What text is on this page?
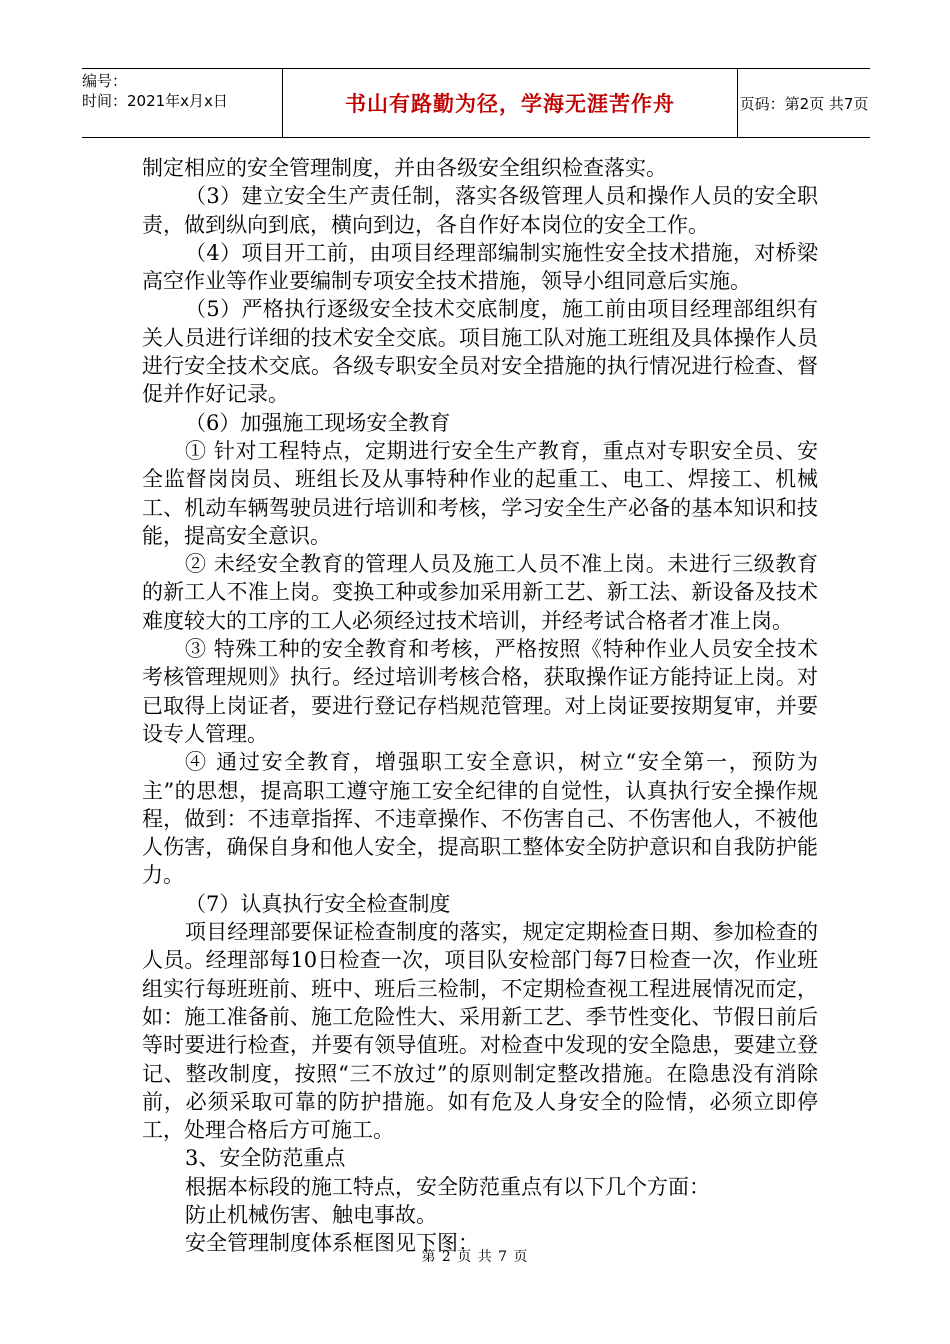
编号：
时间：2021年x月x日	书山有路勤为径，学海无涯苦作舟	页码：第2页 共7页

制定相应的安全管理制度，并由各级安全组织检查落实。

（3）建立安全生产责任制，落实各级管理人员和操作人员的安全职责，做到纵向到底，横向到边，各自作好本岗位的安全工作。

（4）项目开工前，由项目经理部编制实施性安全技术措施，对桥梁高空作业等作业要编制专项安全技术措施，领导小组同意后实施。

（5）严格执行逐级安全技术交底制度，施工前由项目经理部组织有关人员进行详细的技术安全交底。项目施工队对施工班组及具体操作人员进行安全技术交底。各级专职安全员对安全措施的执行情况进行检查、督促并作好记录。

（6）加强施工现场安全教育

① 针对工程特点，定期进行安全生产教育，重点对专职安全员、安全监督岗岗员、班组长及从事特种作业的起重工、电工、焊接工、机械工、机动车辆驾驶员进行培训和考核，学习安全生产必备的基本知识和技能，提高安全意识。

② 未经安全教育的管理人员及施工人员不准上岗。未进行三级教育的新工人不准上岗。变换工种或参加采用新工艺、新工法、新设备及技术难度较大的工序的工人必须经过技术培训，并经考试合格者才准上岗。

③ 特殊工种的安全教育和考核，严格按照《特种作业人员安全技术考核管理规则》执行。经过培训考核合格，获取操作证方能持证上岗。对已取得上岗证者，要进行登记存档规范管理。对上岗证要按期复审，并要设专人管理。

④ 通过安全教育，增强职工安全意识，树立“安全第一，预防为主”的思想，提高职工遵守施工安全纪律的自觉性，认真执行安全操作规程，做到：不违章指挥、不违章操作、不伤害自己、不伤害他人，不被他人伤害，确保自身和他人安全，提高职工整体安全防护意识和自我防护能力。

（7）认真执行安全检查制度

项目经理部要保证检查制度的落实，规定定期检查日期、参加检查的人员。经理部每10日检查一次，项目队安检部门每7日检查一次，作业班组实行每班班前、班中、班后三检制，不定期检查视工程进展情况而定，如：施工准备前、施工危险性大、采用新工艺、季节性变化、节假日前后等时要进行检查，并要有领导值班。对检查中发现的安全隐患，要建立登记、整改制度，按照“三不放过”的原则制定整改措施。在隐患没有消除前，必须采取可靠的防护措施。如有危及人身安全的险情，必须立即停工，处理合格后方可施工。

3、安全防范重点

根据本标段的施工特点，安全防范重点有以下几个方面：

防止机械伤害、触电事故。

安全管理制度体系框图见下图：

第 2 页 共 7 页
